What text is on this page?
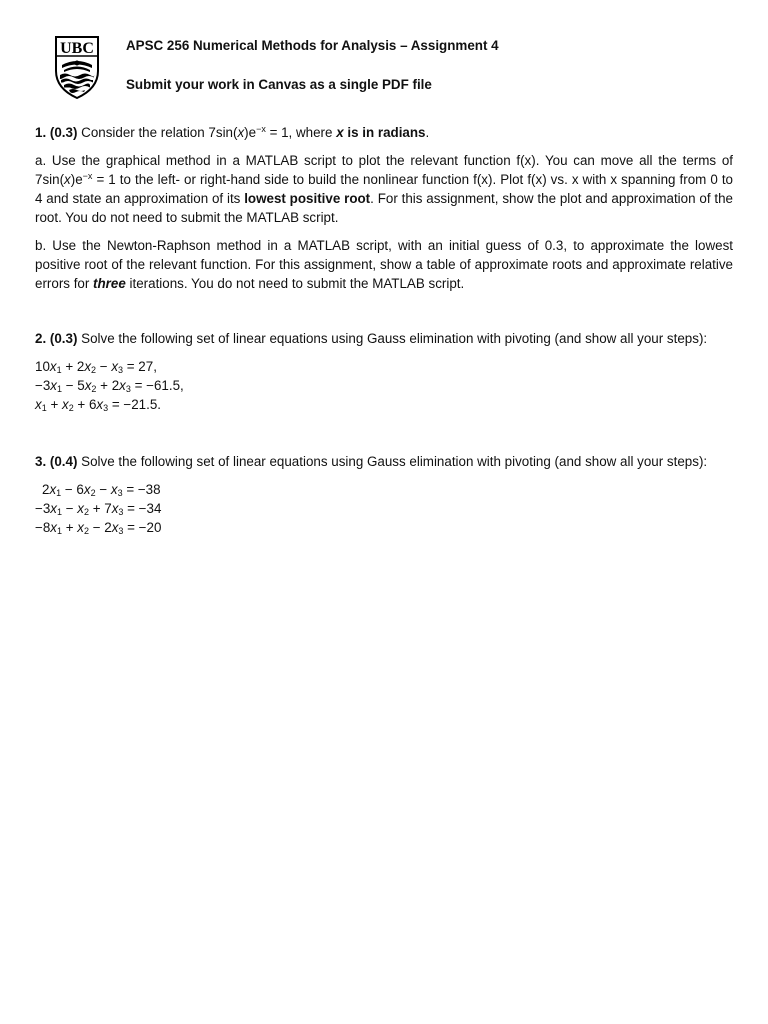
UBC APSC 256 Numerical Methods for Analysis – Assignment 4
Submit your work in Canvas as a single PDF file

1. (0.3) Consider the relation $7\sin(x)e^{-x} = 1$, where x is in radians.

a. Use the graphical method in a MATLAB script to plot the relevant function f(x). You can move all the terms of $7\sin(x)e^{-x} = 1$ to the left- or right-hand side to build the nonlinear function f(x). Plot f(x) vs. x with x spanning from 0 to 4 and state an approximation of its lowest positive root. For this assignment, show the plot and approximation of the root. You do not need to submit the MATLAB script.

b. Use the Newton-Raphson method in a MATLAB script, with an initial guess of 0.3, to approximate the lowest positive root of the relevant function. For this assignment, show a table of approximate roots and approximate relative errors for three iterations. You do not need to submit the MATLAB script.

2. (0.3) Solve the following set of linear equations using Gauss elimination with pivoting (and show all your steps):

$10x_1 + 2x_2 - x_3 = 27$,
$-3x_1 - 5x_2 + 2x_3 = -61.5$,
$x_1 + x_2 + 6x_3 = -21.5$.

3. (0.4) Solve the following set of linear equations using Gauss elimination with pivoting (and show all your steps):

$2x_1 - 6x_2 - x_3 = -38$
$-3x_1 - x_2 + 7x_3 = -34$
$-8x_1 + x_2 - 2x_3 = -20$
